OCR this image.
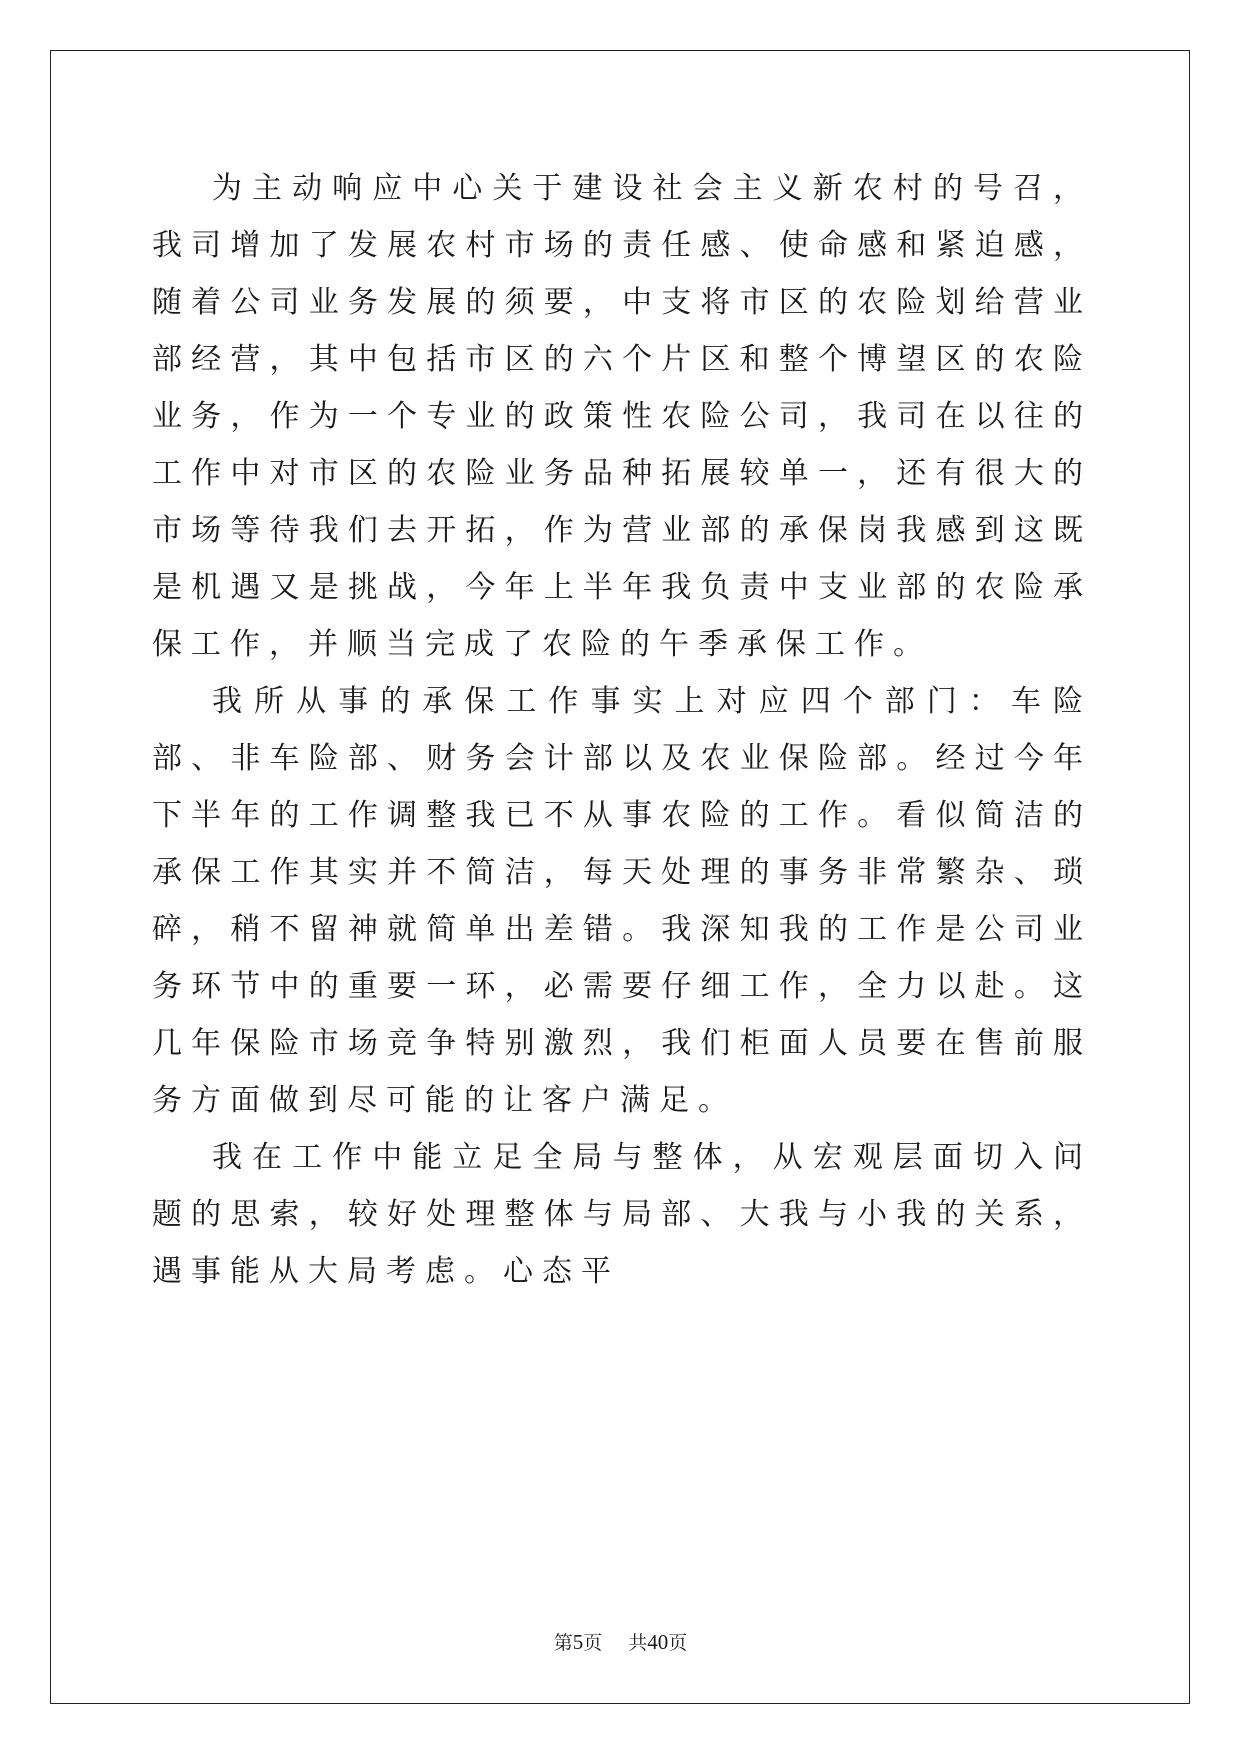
为主动响应中心关于建设社会主义新农村的号召，我司增加了发展农村市场的责任感、使命感和紧迫感，随着公司业务发展的须要，中支将市区的农险划给营业部经营，其中包括市区的六个片区和整个博望区的农险业务，作为一个专业的政策性农险公司，我司在以往的工作中对市区的农险业务品种拓展较单一，还有很大的市场等待我们去开拓，作为营业部的承保岗我感到这既是机遇又是挑战，今年上半年我负责中支业部的农险承保工作，并顺当完成了农险的午季承保工作。

我所从事的承保工作事实上对应四个部门：车险部、非车险部、财务会计部以及农业保险部。经过今年下半年的工作调整我已不从事农险的工作。看似简洁的承保工作其实并不简洁，每天处理的事务非常繁杂、琐碎，稍不留神就简单出差错。我深知我的工作是公司业务环节中的重要一环，必需要仔细工作，全力以赴。这几年保险市场竞争特别激烈，我们柜面人员要在售前服务方面做到尽可能的让客户满足。

我在工作中能立足全局与整体，从宏观层面切入问题的思索，较好处理整体与局部、大我与小我的关系，遇事能从大局考虑。心态平

第5页 共40页
